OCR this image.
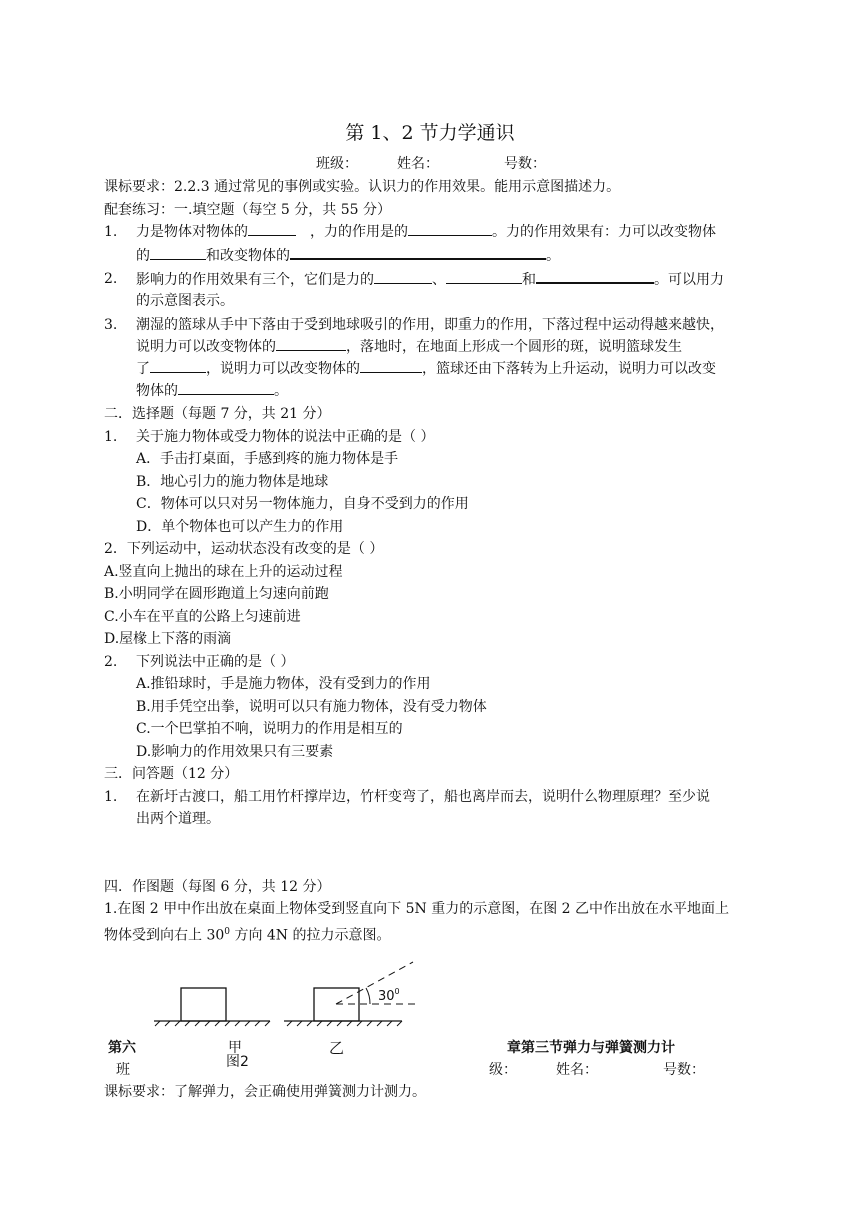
第 1、2 节力学通识
班级：	姓名：	号数：
课标要求：2.2.3 通过常见的事例或实验。认识力的作用效果。能用示意图描述力。
配套练习：一.填空题（每空 5 分，共 55 分）
1. 力是物体对物体的	，力的作用是的	。力的作用效果有：力可以改变物体
的	和改变物体的	。
2. 影响力的作用效果有三个，它们是力的	、	和	。可以用力
的示意图表示。
3. 潮湿的篮球从手中下落由于受到地球吸引的作用，即重力的作用，下落过程中运动得越来越快，
说明力可以改变物体的	，落地时，在地面上形成一个圆形的斑，说明篮球发生
了	，说明力可以改变物体的	，篮球还由下落转为上升运动，说明力可以改变
物体的	。
二．选择题（每题 7 分，共 21 分）
1. 关于施力物体或受力物体的说法中正确的是（ ）
A．手击打桌面，手感到疼的施力物体是手
B．地心引力的施力物体是地球
C．物体可以只对另一物体施力，自身不受到力的作用
D．单个物体也可以产生力的作用
2．下列运动中，运动状态没有改变的是（ ）
A.竖直向上抛出的球在上升的运动过程
B.小明同学在圆形跑道上匀速向前跑
C.小车在平直的公路上匀速前进
D.屋椽上下落的雨滴
2. 下列说法中正确的是（ ）
A.推铅球时，手是施力物体，没有受到力的作用
B.用手凭空出拳，说明可以只有施力物体，没有受力物体
C.一个巴掌拍不响，说明力的作用是相互的
D.影响力的作用效果只有三要素
三．问答题（12 分）
1. 在新圩古渡口，船工用竹杆撑岸边，竹杆变弯了，船也离岸而去，说明什么物理原理？至少说
出两个道理。
四．作图题（每图 6 分，共 12 分）
1.在图 2 甲中作出放在桌面上物体受到竖直向下 5N 重力的示意图，在图 2 乙中作出放在水平地面上
物体受到向右上 $30^0$ 方向 4N 的拉力示意图。
$30^0$
甲	乙
图2
第六	章第三节弹力与弹簧测力计
班	级：	姓名：	号数：
课标要求：了解弹力，会正确使用弹簧测力计测力。
